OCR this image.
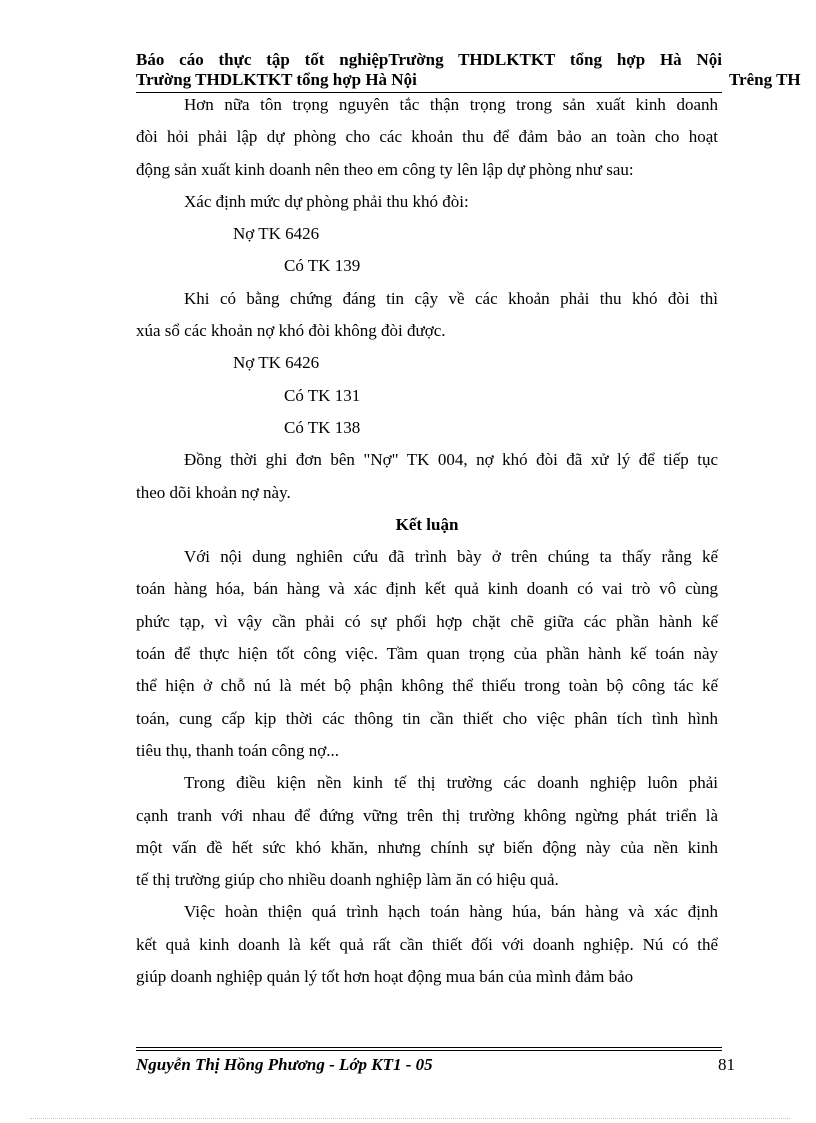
Báo cáo thực tập tốt nghiệpTrường THDLKTKT tổng hợp Hà Nội
Trường THDLKTKT tổng hợp Hà Nội	Trêng TH
Hơn nữa tôn trọng nguyên tắc thận trọng trong sản xuất kinh doanh
đòi hỏi phải lập dự phòng cho các khoản thu để đảm bảo an toàn cho hoạt
động sản xuất kinh doanh nên theo em công ty lên lập dự phòng như sau:
Xác định mức dự phòng phải thu khó đòi:
Nợ TK 6426
Có TK 139
Khi có bằng chứng đáng tin cậy về các khoản phải thu khó đòi thì
xúa sổ các khoản nợ khó đòi không đòi được.
Nợ TK 6426
Có TK 131
Có TK 138
Đồng thời ghi đơn bên "Nợ" TK 004, nợ khó đòi đã xử lý để tiếp tục
theo dõi khoản nợ này.
Kết luận
Với nội dung nghiên cứu đã trình bày ở trên chúng ta thấy rằng kế
toán hàng hóa, bán hàng và xác định kết quả kinh doanh có vai trò vô cùng
phức tạp, vì vậy cần phải có sự phối hợp chặt chẽ giữa các phần hành kế
toán để thực hiện tốt công việc. Tầm quan trọng của phần hành kế toán này
thể hiện ở chỗ nú là mét bộ phận không thể thiếu trong toàn bộ công tác kế
toán, cung cấp kịp thời các thông tin cần thiết cho việc phân tích tình hình
tiêu thụ, thanh toán công nợ...
Trong điều kiện nền kinh tế thị trường các doanh nghiệp luôn phải
cạnh tranh với nhau để đứng vững trên thị trường không ngừng phát triển là
một vấn đề hết sức khó khăn, nhưng chính sự biến động này của nền kinh
tế thị trường giúp cho nhiều doanh nghiệp làm ăn có hiệu quả.
Việc hoàn thiện quá trình hạch toán hàng húa, bán hàng và xác định
kết quả kinh doanh là kết quả rất cần thiết đối với doanh nghiệp. Nú có thể
giúp doanh nghiệp quản lý tốt hơn hoạt động mua bán của mình đảm bảo
Nguyễn Thị Hồng Phương - Lớp KT1 - 05	81
